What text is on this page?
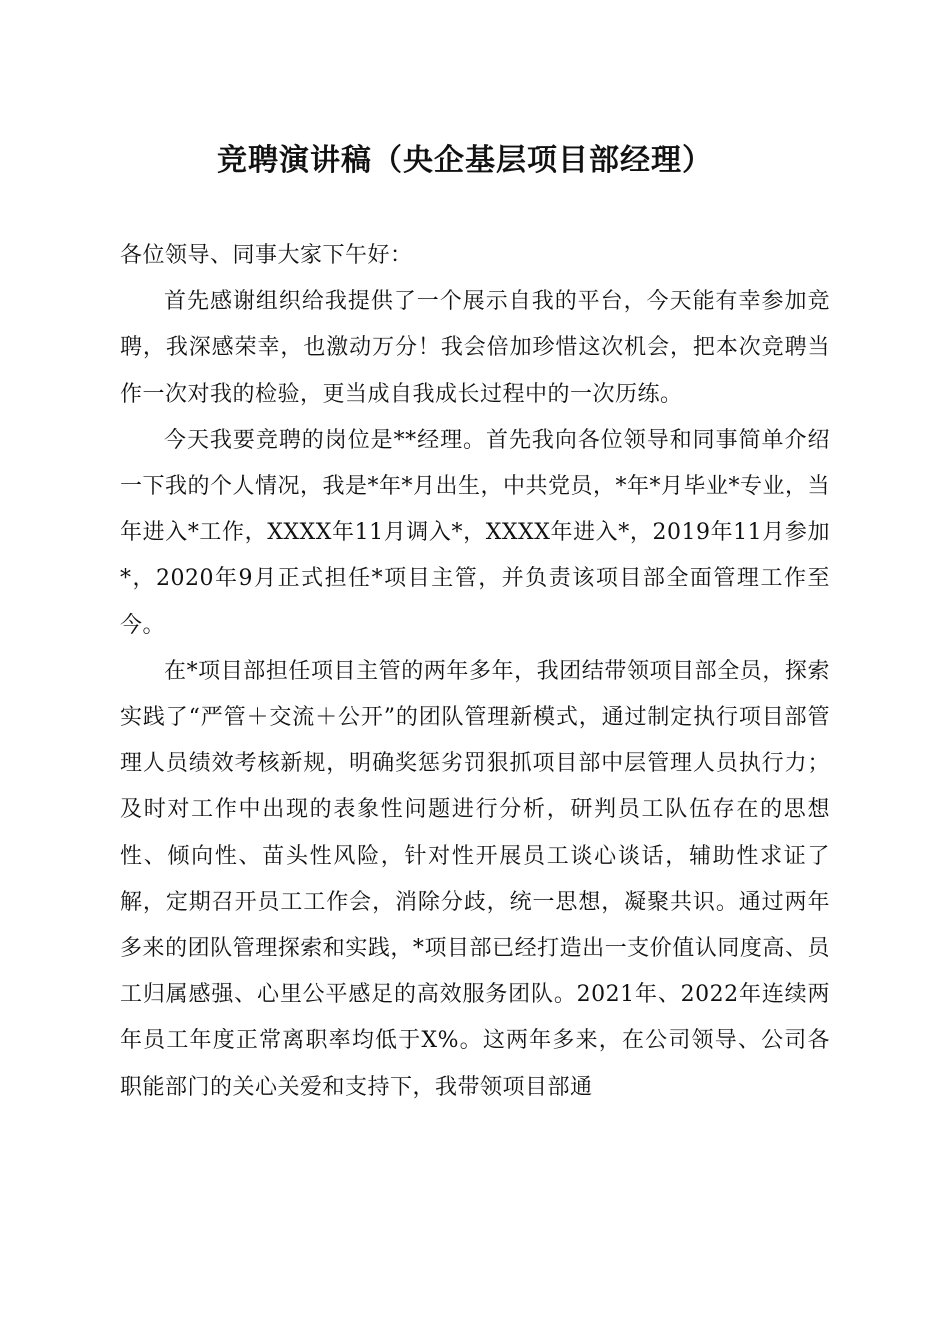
竞聘演讲稿（央企基层项目部经理）

各位领导、同事大家下午好：

首先感谢组织给我提供了一个展示自我的平台，今天能有幸参加竞聘，我深感荣幸，也激动万分！我会倍加珍惜这次机会，把本次竞聘当作一次对我的检验，更当成自我成长过程中的一次历练。

今天我要竞聘的岗位是**经理。首先我向各位领导和同事简单介绍一下我的个人情况，我是*年*月出生，中共党员，*年*月毕业*专业，当年进入*工作，XXXX年11月调入*，XXXX年进入*，2019年11月参加*，2020年9月正式担任*项目主管，并负责该项目部全面管理工作至今。

在*项目部担任项目主管的两年多年，我团结带领项目部全员，探索实践了“严管＋交流＋公开”的团队管理新模式，通过制定执行项目部管理人员绩效考核新规，明确奖惩劣罚狠抓项目部中层管理人员执行力；及时对工作中出现的表象性问题进行分析，研判员工队伍存在的思想性、倾向性、苗头性风险，针对性开展员工谈心谈话，辅助性求证了解，定期召开员工工作会，消除分歧，统一思想，凝聚共识。通过两年多来的团队管理探索和实践，*项目部已经打造出一支价值认同度高、员工归属感强、心里公平感足的高效服务团队。2021年、2022年连续两年员工年度正常离职率均低于X%。这两年多来，在公司领导、公司各职能部门的关心关爱和支持下，我带领项目部通
